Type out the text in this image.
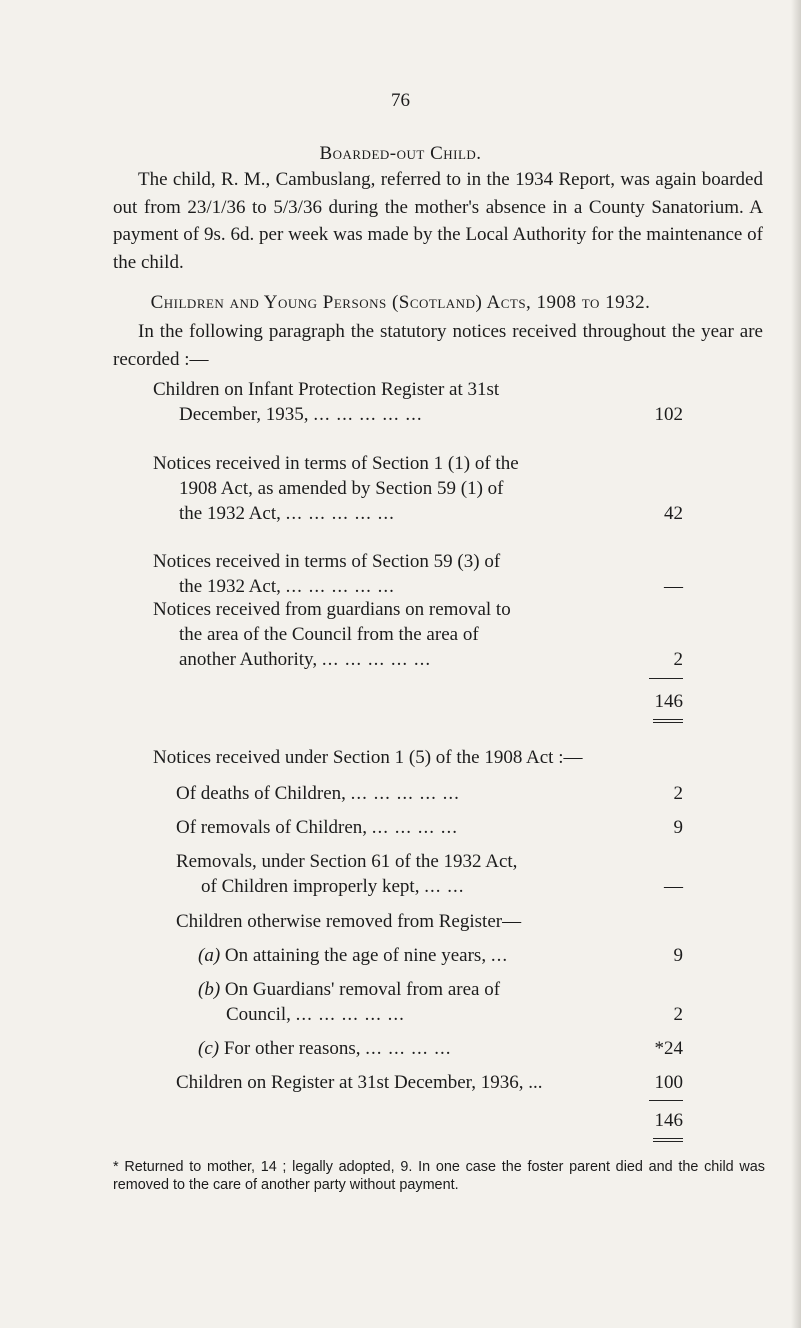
76
Boarded-out Child.
The child, R. M., Cambuslang, referred to in the 1934 Report, was again boarded out from 23/1/36 to 5/3/36 during the mother's absence in a County Sanatorium. A payment of 9s. 6d. per week was made by the Local Authority for the maintenance of the child.
Children and Young Persons (Scotland) Acts, 1908 to 1932.
In the following paragraph the statutory notices received throughout the year are recorded :—
Children on Infant Protection Register at 31st
December, 1935, ... ... ... ... ...	102
Notices received in terms of Section 1 (1) of the
1908 Act, as amended by Section 59 (1) of
the 1932 Act, ... ... ... ... ...	42
Notices received in terms of Section 59 (3) of
the 1932 Act, ... ... ... ... ...	—
Notices received from guardians on removal to
the area of the Council from the area of
another Authority, ... ... ... ... ...	2
146
Notices received under Section 1 (5) of the 1908 Act :—
Of deaths of Children, ... ... ... ... ...	2
Of removals of Children, ... ... ... ...	9
Removals, under Section 61 of the 1932 Act,
of Children improperly kept, ... ...	—
Children otherwise removed from Register—
(a) On attaining the age of nine years, ...	9
(b) On Guardians' removal from area of
Council, ... ... ... ... ...	2
(c) For other reasons, ... ... ... ...	*24
Children on Register at 31st December, 1936, ...	100
146
* Returned to mother, 14 ; legally adopted, 9. In one case the foster parent died and the child was removed to the care of another party without payment.
